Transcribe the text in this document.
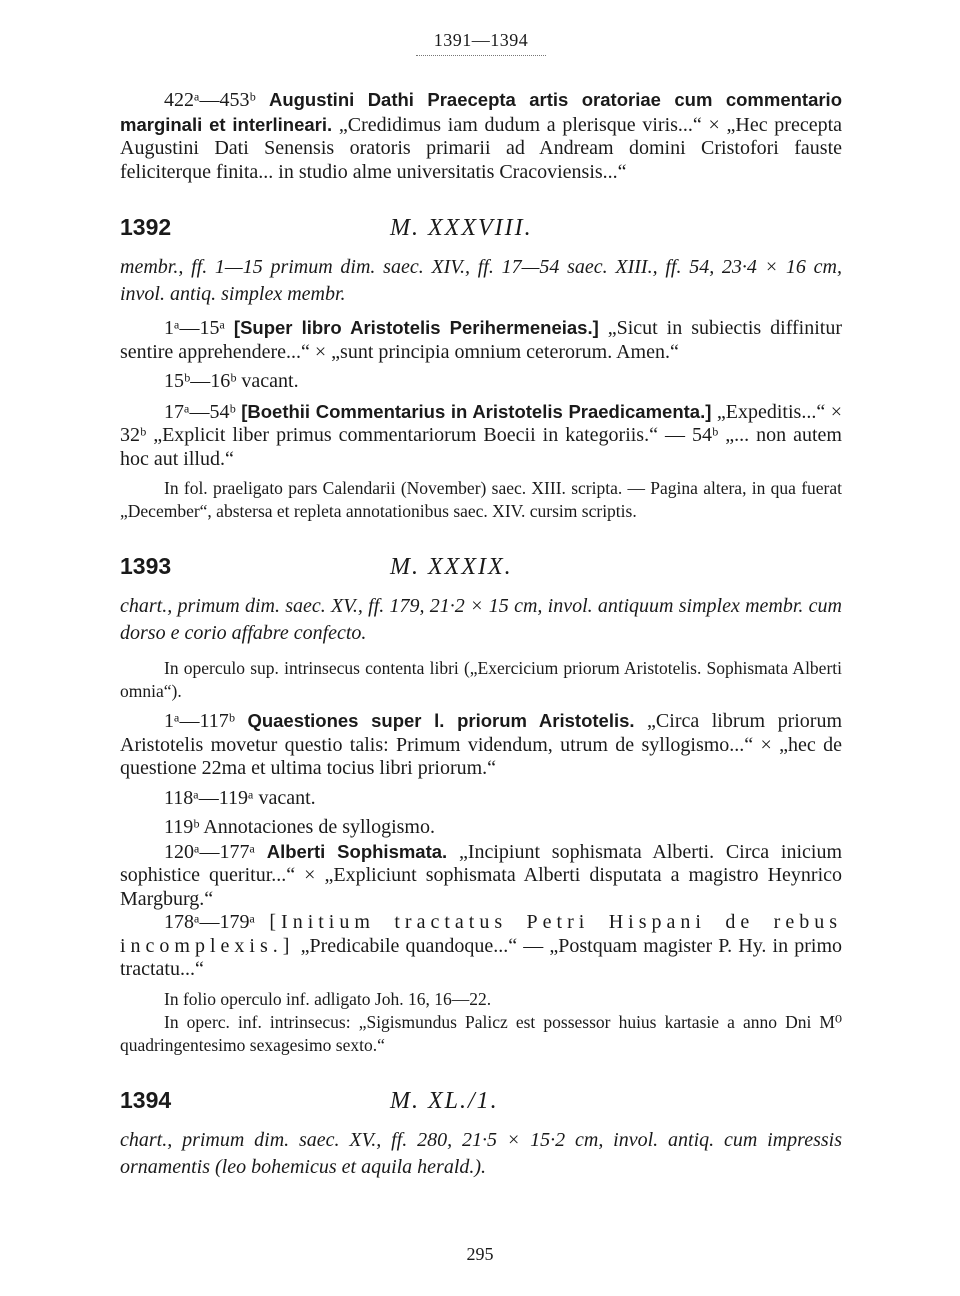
1391—1394

422ᵃ—453ᵇ Augustini Dathi Praecepta artis oratoriae cum commentario marginali et interlineari. „Credidimus iam dudum a plerisque viris...“ × „Hec precepta Augustini Dati Senensis oratoris primarii ad Andream domini Cristofori fauste feliciterque finita... in studio alme universitatis Cracoviensis...“

1392	M. XXXVIII.

membr., ff. 1—15 primum dim. saec. XIV., ff. 17—54 saec. XIII., ff. 54, 23·4 × 16 cm, invol. antiq. simplex membr.

1ᵃ—15ᵃ [Super libro Aristotelis Perihermeneias.] „Sicut in subiectis diffinitur sentire apprehendere...“ × „sunt principia omnium ceterorum. Amen.“

15ᵇ—16ᵇ vacant.

17ᵃ—54ᵇ [Boethii Commentarius in Aristotelis Praedicamenta.] „Expeditis...“ × 32ᵇ „Explicit liber primus commentariorum Boecii in kategoriis.“ — 54ᵇ „... non autem hoc aut illud.“

In fol. praeligato pars Calendarii (November) saec. XIII. scripta. — Pagina altera, in qua fuerat „December“, abstersa et repleta annotationibus saec. XIV. cursim scriptis.

1393	M. XXXIX.

chart., primum dim. saec. XV., ff. 179, 21·2 × 15 cm, invol. antiquum simplex membr. cum dorso e corio affabre confecto.

In operculo sup. intrinsecus contenta libri („Exercicium priorum Aristotelis. Sophismata Alberti omnia“).

1ᵃ—117ᵇ Quaestiones super l. priorum Aristotelis. „Circa librum priorum Aristotelis movetur questio talis: Primum videndum, utrum de syllogismo...“ × „hec de questione 22ma et ultima tocius libri priorum.“

118ᵃ—119ᵃ vacant.

119ᵇ Annotaciones de syllogismo.

120ᵃ—177ᵃ Alberti Sophismata. „Incipiunt sophismata Alberti. Circa inicium sophistice queritur...“ × „Expliciunt sophismata Alberti disputata a magistro Heynrico Margburg.“

178ᵃ—179ᵃ [Initium tractatus Petri Hispani de rebus incomplexis.] „Predicabile quandoque...“ — „Postquam magister P. Hy. in primo tractatu...“

In folio operculo inf. adligato Joh. 16, 16—22.

In operc. inf. intrinsecus: „Sigismundus Palicz est possessor huius kartasie a anno Dni M⁰ quadringentesimo sexagesimo sexto.“

1394	M. XL./1.

chart., primum dim. saec. XV., ff. 280, 21·5 × 15·2 cm, invol. antiq. cum impressis ornamentis (leo bohemicus et aquila herald.).

295
